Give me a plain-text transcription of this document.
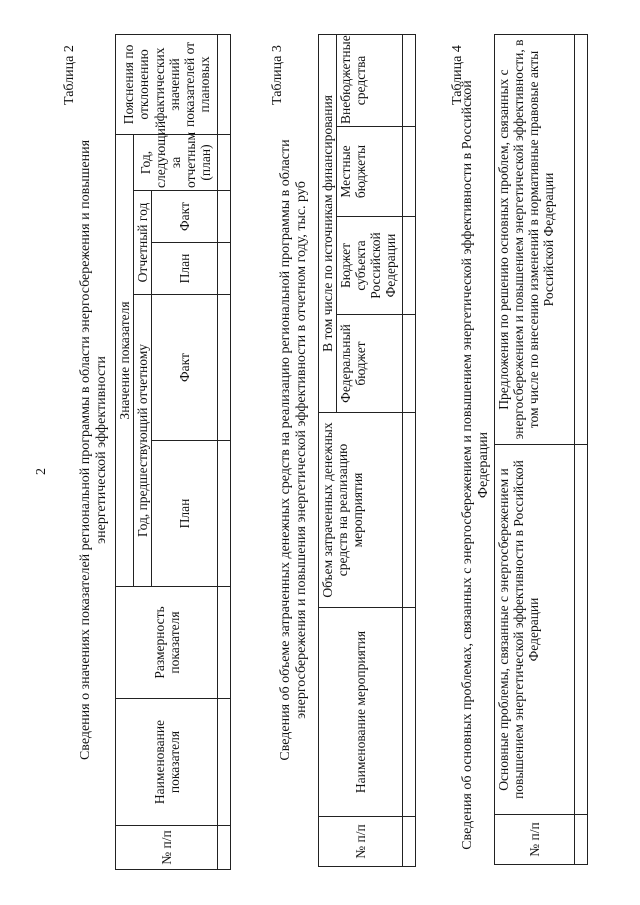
2
Таблица 2
Сведения о значениях показателей региональной программы в области энергосбережения и повышения энергетической эффективности
№ п/п	Наименование показателя	Размерность показателя	Значение показателя					Пояснения по отклонению фактических значений показателей от плановых
			Год, предшествующий отчетному		Отчетный год		Год, следующий за отчетным (план)	
			План	Факт	План	Факт		

Таблица 3
Сведения об объеме затраченных денежных средств на реализацию региональной программы в области энергосбережения и повышения энергетической эффективности в отчетном году, тыс. руб
№ п/п	Наименование мероприятия	Объем затраченных денежных средств на реализацию мероприятия	В том числе по источникам финансирования			
			Федеральный бюджет	Бюджет субъекта Российской Федерации	Местные бюджеты	Внебюджетные средства
							Таблица 4
Сведения об основных проблемах, связанных с энергосбережением и повышением энергетической эффективности в Российской Федерации
№ п/п	Основные проблемы, связанные с энергосбережением и повышением энергетической эффективности в Российской Федерации	Предложения по решению основных проблем, связанных с энергосбережением и повышением энергетической эффективности, в том числе по внесению изменений в нормативные правовые акты Российской Федерации
